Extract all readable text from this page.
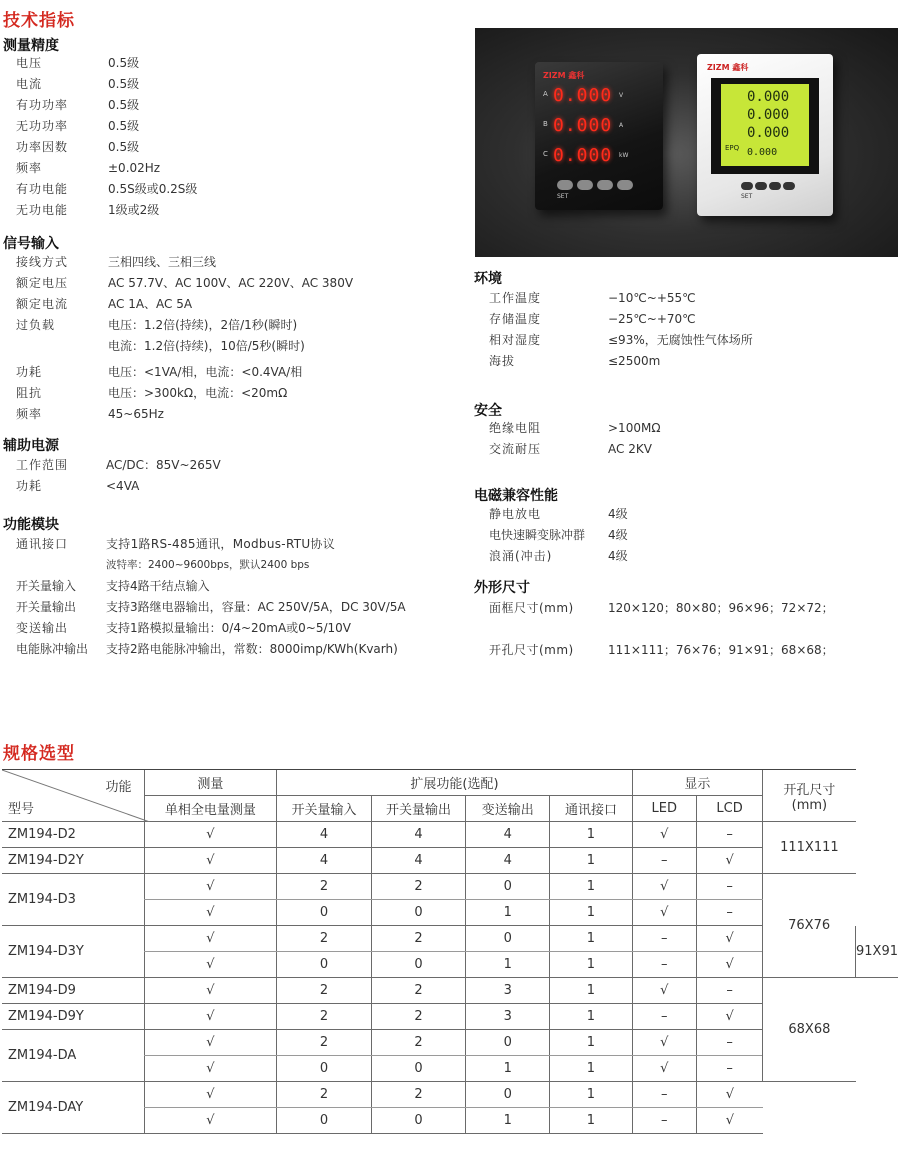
技术指标
测量精度
电压	0.5级
电流	0.5级
有功功率	0.5级
无功功率	0.5级
功率因数	0.5级
频率	±0.02Hz
有功电能	0.5S级或0.2S级
无功电能	1级或2级
信号输入
接线方式	三相四线、三相三线
额定电压	AC 57.7V、AC 100V、AC 220V、AC 380V
额定电流	AC 1A、AC 5A
过负载	电压：1.2倍(持续)，2倍/1秒(瞬时)
电流：1.2倍(持续)，10倍/5秒(瞬时)
功耗	电压：<1VA/相，电流：<0.4VA/相
阻抗	电压：>300kΩ，电流：<20mΩ
频率	45~65Hz
辅助电源
工作范围	AC/DC：85V~265V
功耗	<4VA
功能模块
通讯接口	支持1路RS-485通讯，Modbus-RTU协议
波特率：2400~9600bps，默认2400 bps
开关量输入 支持4路干结点输入
开关量输出 支持3路继电器输出，容量：AC 250V/5A，DC 30V/5A
变送输出	支持1路模拟量输出：0/4~20mA或0~5/10V
电能脉冲输出 支持2路电能脉冲输出，常数：8000imp/KWh(Kvarh)
ZIZM 鑫科
A 0.000	V
B 0.000	A
C 0.000	kW
SET
ZIZM 鑫科
0.000
0.000
0.000
EPQ 0.000
SET
环境
工作温度	−10℃~+55℃
存储温度	−25℃~+70℃
相对湿度	≤93%，无腐蚀性气体场所
海拔	≤2500m
安全
绝缘电阻	>100MΩ
交流耐压	AC 2KV
电磁兼容性能
静电放电	4级
电快速瞬变脉冲群 4级
浪涌(冲击)	4级
外形尺寸
面框尺寸(mm)	120×120；80×80；96×96；72×72；
开孔尺寸(mm)	111×111；76×76；91×91；68×68；
规格选型
功能
型号	测量	扩展功能(选配)				显示		开孔尺寸
(mm)	
	单相全电量测量	开关量输入	开关量输出	变送输出	通讯接口	LED	LCD		
ZM194-D2	√	4	4	4	1	√	–	111X111	
ZM194-D2Y	√	4	4	4	1	–	√		
ZM194-D3	√	2	2	0	1	√	–	76X76	
	√	0	0	1	1	√	–		
ZM194-D3Y	√	2	2	0	1	–	√		91X91
	√	0	0	1	1	–	√		
ZM194-D9	√	2	2	3	1	√	–	68X68	
ZM194-D9Y	√	2	2	3	1	–	√		
ZM194-DA	√	2	2	0	1	√	–		
	√	0	0	1	1	√	–		
ZM194-DAY	√	2	2	0	1	–	√		
	√	0	0	1	1	–	√		
